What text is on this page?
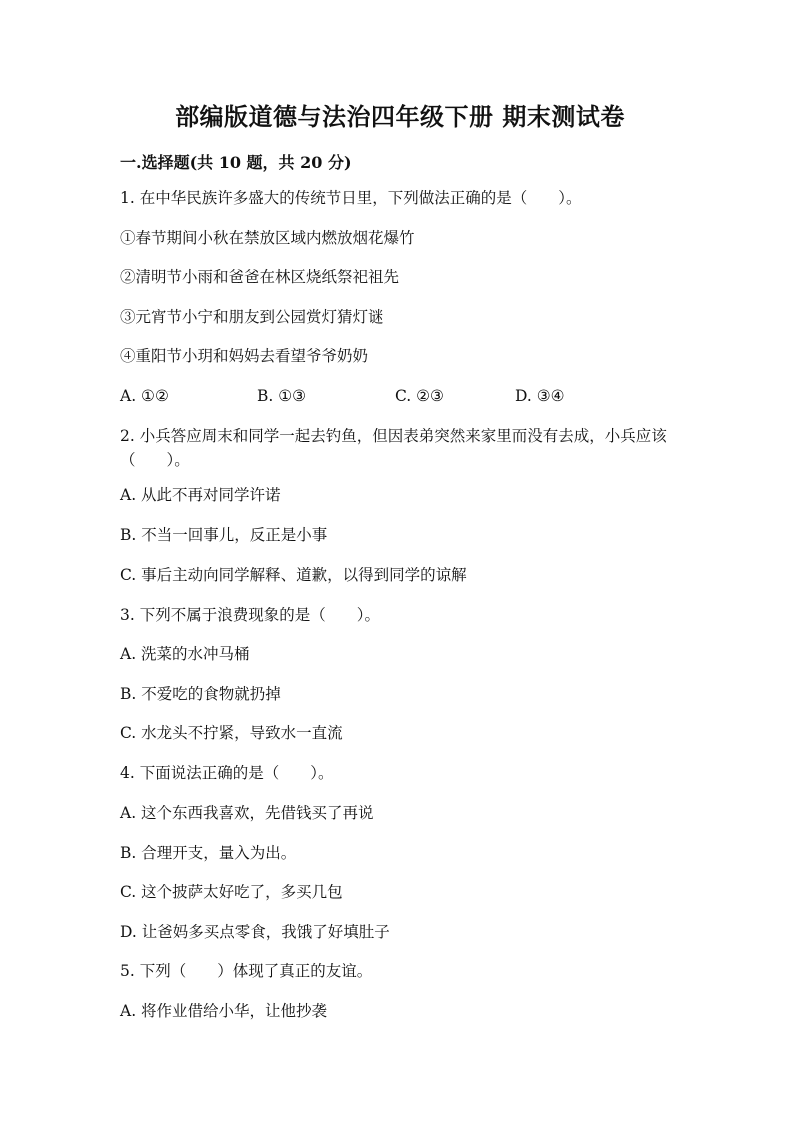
部编版道德与法治四年级下册 期末测试卷

一.选择题(共 10 题，共 20 分)

1. 在中华民族许多盛大的传统节日里，下列做法正确的是（　　）。

①春节期间小秋在禁放区域内燃放烟花爆竹

②清明节小雨和爸爸在林区烧纸祭祀祖先

③元宵节小宁和朋友到公园赏灯猜灯谜

④重阳节小玥和妈妈去看望爷爷奶奶

A. ①②	B. ①③	C. ②③	D. ③④

2. 小兵答应周末和同学一起去钓鱼，但因表弟突然来家里而没有去成，小兵应该（　　）。

A. 从此不再对同学许诺

B. 不当一回事儿，反正是小事

C. 事后主动向同学解释、道歉，以得到同学的谅解

3. 下列不属于浪费现象的是（　　）。

A. 洗菜的水冲马桶

B. 不爱吃的食物就扔掉

C. 水龙头不拧紧，导致水一直流

4. 下面说法正确的是（　　）。

A. 这个东西我喜欢，先借钱买了再说

B. 合理开支，量入为出。

C. 这个披萨太好吃了，多买几包

D. 让爸妈多买点零食，我饿了好填肚子

5. 下列（　　）体现了真正的友谊。

A. 将作业借给小华，让他抄袭
